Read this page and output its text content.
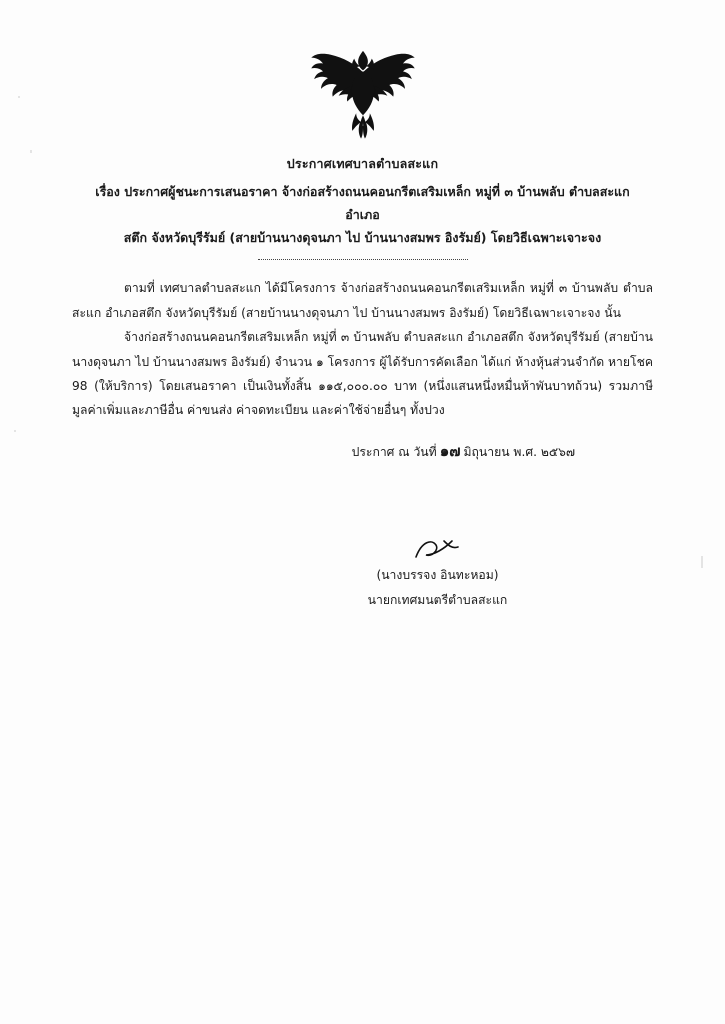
ประกาศเทศบาลตำบลสะแก
เรื่อง ประกาศผู้ชนะการเสนอราคา จ้างก่อสร้างถนนคอนกรีตเสริมเหล็ก หมู่ที่ ๓ บ้านพลับ ตำบลสะแก อำเภอ
สตึก จังหวัดบุรีรัมย์ (สายบ้านนางดุจนภา ไป บ้านนางสมพร อิงรัมย์) โดยวิธีเฉพาะเจาะจง

ตามที่ เทศบาลตำบลสะแก ได้มีโครงการ จ้างก่อสร้างถนนคอนกรีตเสริมเหล็ก หมู่ที่ ๓ บ้านพลับ ตำบลสะแก อำเภอสตึก จังหวัดบุรีรัมย์ (สายบ้านนางดุจนภา ไป บ้านนางสมพร อิงรัมย์) โดยวิธีเฉพาะเจาะจง นั้น

จ้างก่อสร้างถนนคอนกรีตเสริมเหล็ก หมู่ที่ ๓ บ้านพลับ ตำบลสะแก อำเภอสตึก จังหวัดบุรีรัมย์ (สายบ้านนางดุจนภา ไป บ้านนางสมพร อิงรัมย์) จำนวน ๑ โครงการ ผู้ได้รับการคัดเลือก ได้แก่ ห้างหุ้นส่วนจำกัด หายโชค 98 (ให้บริการ) โดยเสนอราคา เป็นเงินทั้งสิ้น ๑๑๕,๐๐๐.๐๐ บาท (หนึ่งแสนหนึ่งหมื่นห้าพันบาทถ้วน) รวมภาษีมูลค่าเพิ่มและภาษีอื่น ค่าขนส่ง ค่าจดทะเบียน และค่าใช้จ่ายอื่นๆ ทั้งปวง

ประกาศ ณ วันที่ ๑๗ มิถุนายน พ.ศ. ๒๕๖๗
(นางบรรจง อินทะหอม)
นายกเทศมนตรีตำบลสะแก
